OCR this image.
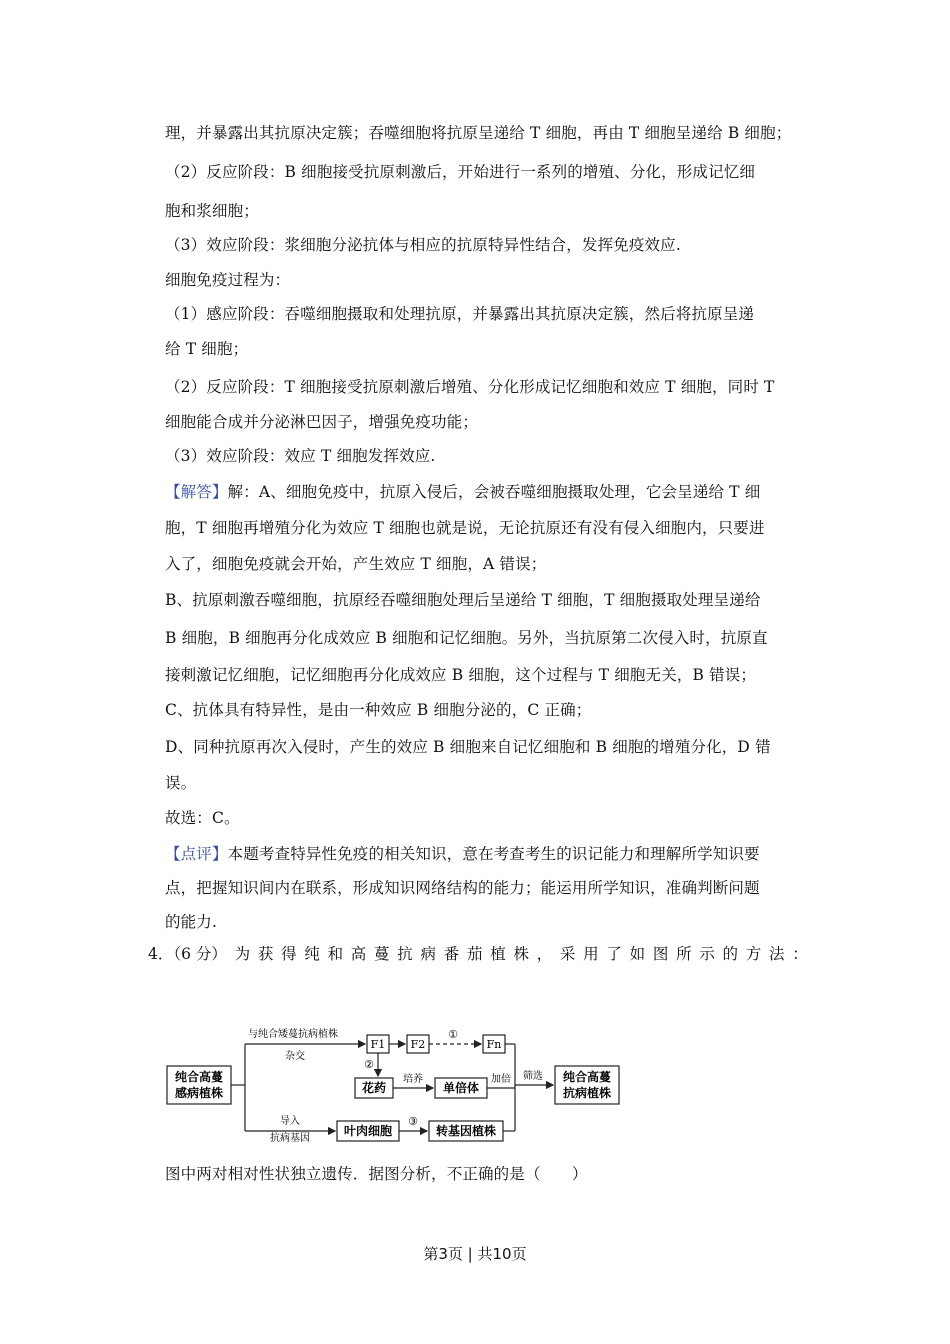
理，并暴露出其抗原决定簇；吞噬细胞将抗原呈递给 T 细胞，再由 T 细胞呈递给 B 细胞；
（2）反应阶段：B 细胞接受抗原刺激后，开始进行一系列的增殖、分化，形成记忆细
胞和浆细胞；
（3）效应阶段：浆细胞分泌抗体与相应的抗原特异性结合，发挥免疫效应.
细胞免疫过程为：
（1）感应阶段：吞噬细胞摄取和处理抗原，并暴露出其抗原决定簇，然后将抗原呈递
给 T 细胞；
（2）反应阶段：T 细胞接受抗原刺激后增殖、分化形成记忆细胞和效应 T 细胞，同时 T
细胞能合成并分泌淋巴因子，增强免疫功能；
（3）效应阶段：效应 T 细胞发挥效应.
【解答】解：A、细胞免疫中，抗原入侵后，会被吞噬细胞摄取处理，它会呈递给 T 细
胞，T 细胞再增殖分化为效应 T 细胞也就是说，无论抗原还有没有侵入细胞内，只要进
入了，细胞免疫就会开始，产生效应 T 细胞，A 错误；
B、抗原刺激吞噬细胞，抗原经吞噬细胞处理后呈递给 T 细胞，T 细胞摄取处理呈递给
B 细胞，B 细胞再分化成效应 B 细胞和记忆细胞。另外，当抗原第二次侵入时，抗原直
接刺激记忆细胞，记忆细胞再分化成效应 B 细胞，这个过程与 T 细胞无关，B 错误；
C、抗体具有特异性，是由一种效应 B 细胞分泌的，C 正确；
D、同种抗原再次入侵时，产生的效应 B 细胞来自记忆细胞和 B 细胞的增殖分化，D 错
误。
故选：C。
【点评】本题考查特异性免疫的相关知识，意在考查考生的识记能力和理解所学知识要
点，把握知识间内在联系，形成知识网络结构的能力；能运用所学知识，准确判断问题
的能力.
4．（6 分） 为 获 得 纯 和 高 蔓 抗 病 番 茄 植 株 ， 采 用 了 如 图 所 示 的 方 法 ：
纯合高蔓
感病植株
与纯合矮蔓抗病植株
杂交
F1 F2
①
Fn
②
花药
培养
单倍体
加倍
叶肉细胞
导入
抗病基因
③
转基因植株
筛选 纯合高蔓
抗病植株
图中两对相对性状独立遗传．据图分析，不正确的是（　　）
第3页 | 共10页
